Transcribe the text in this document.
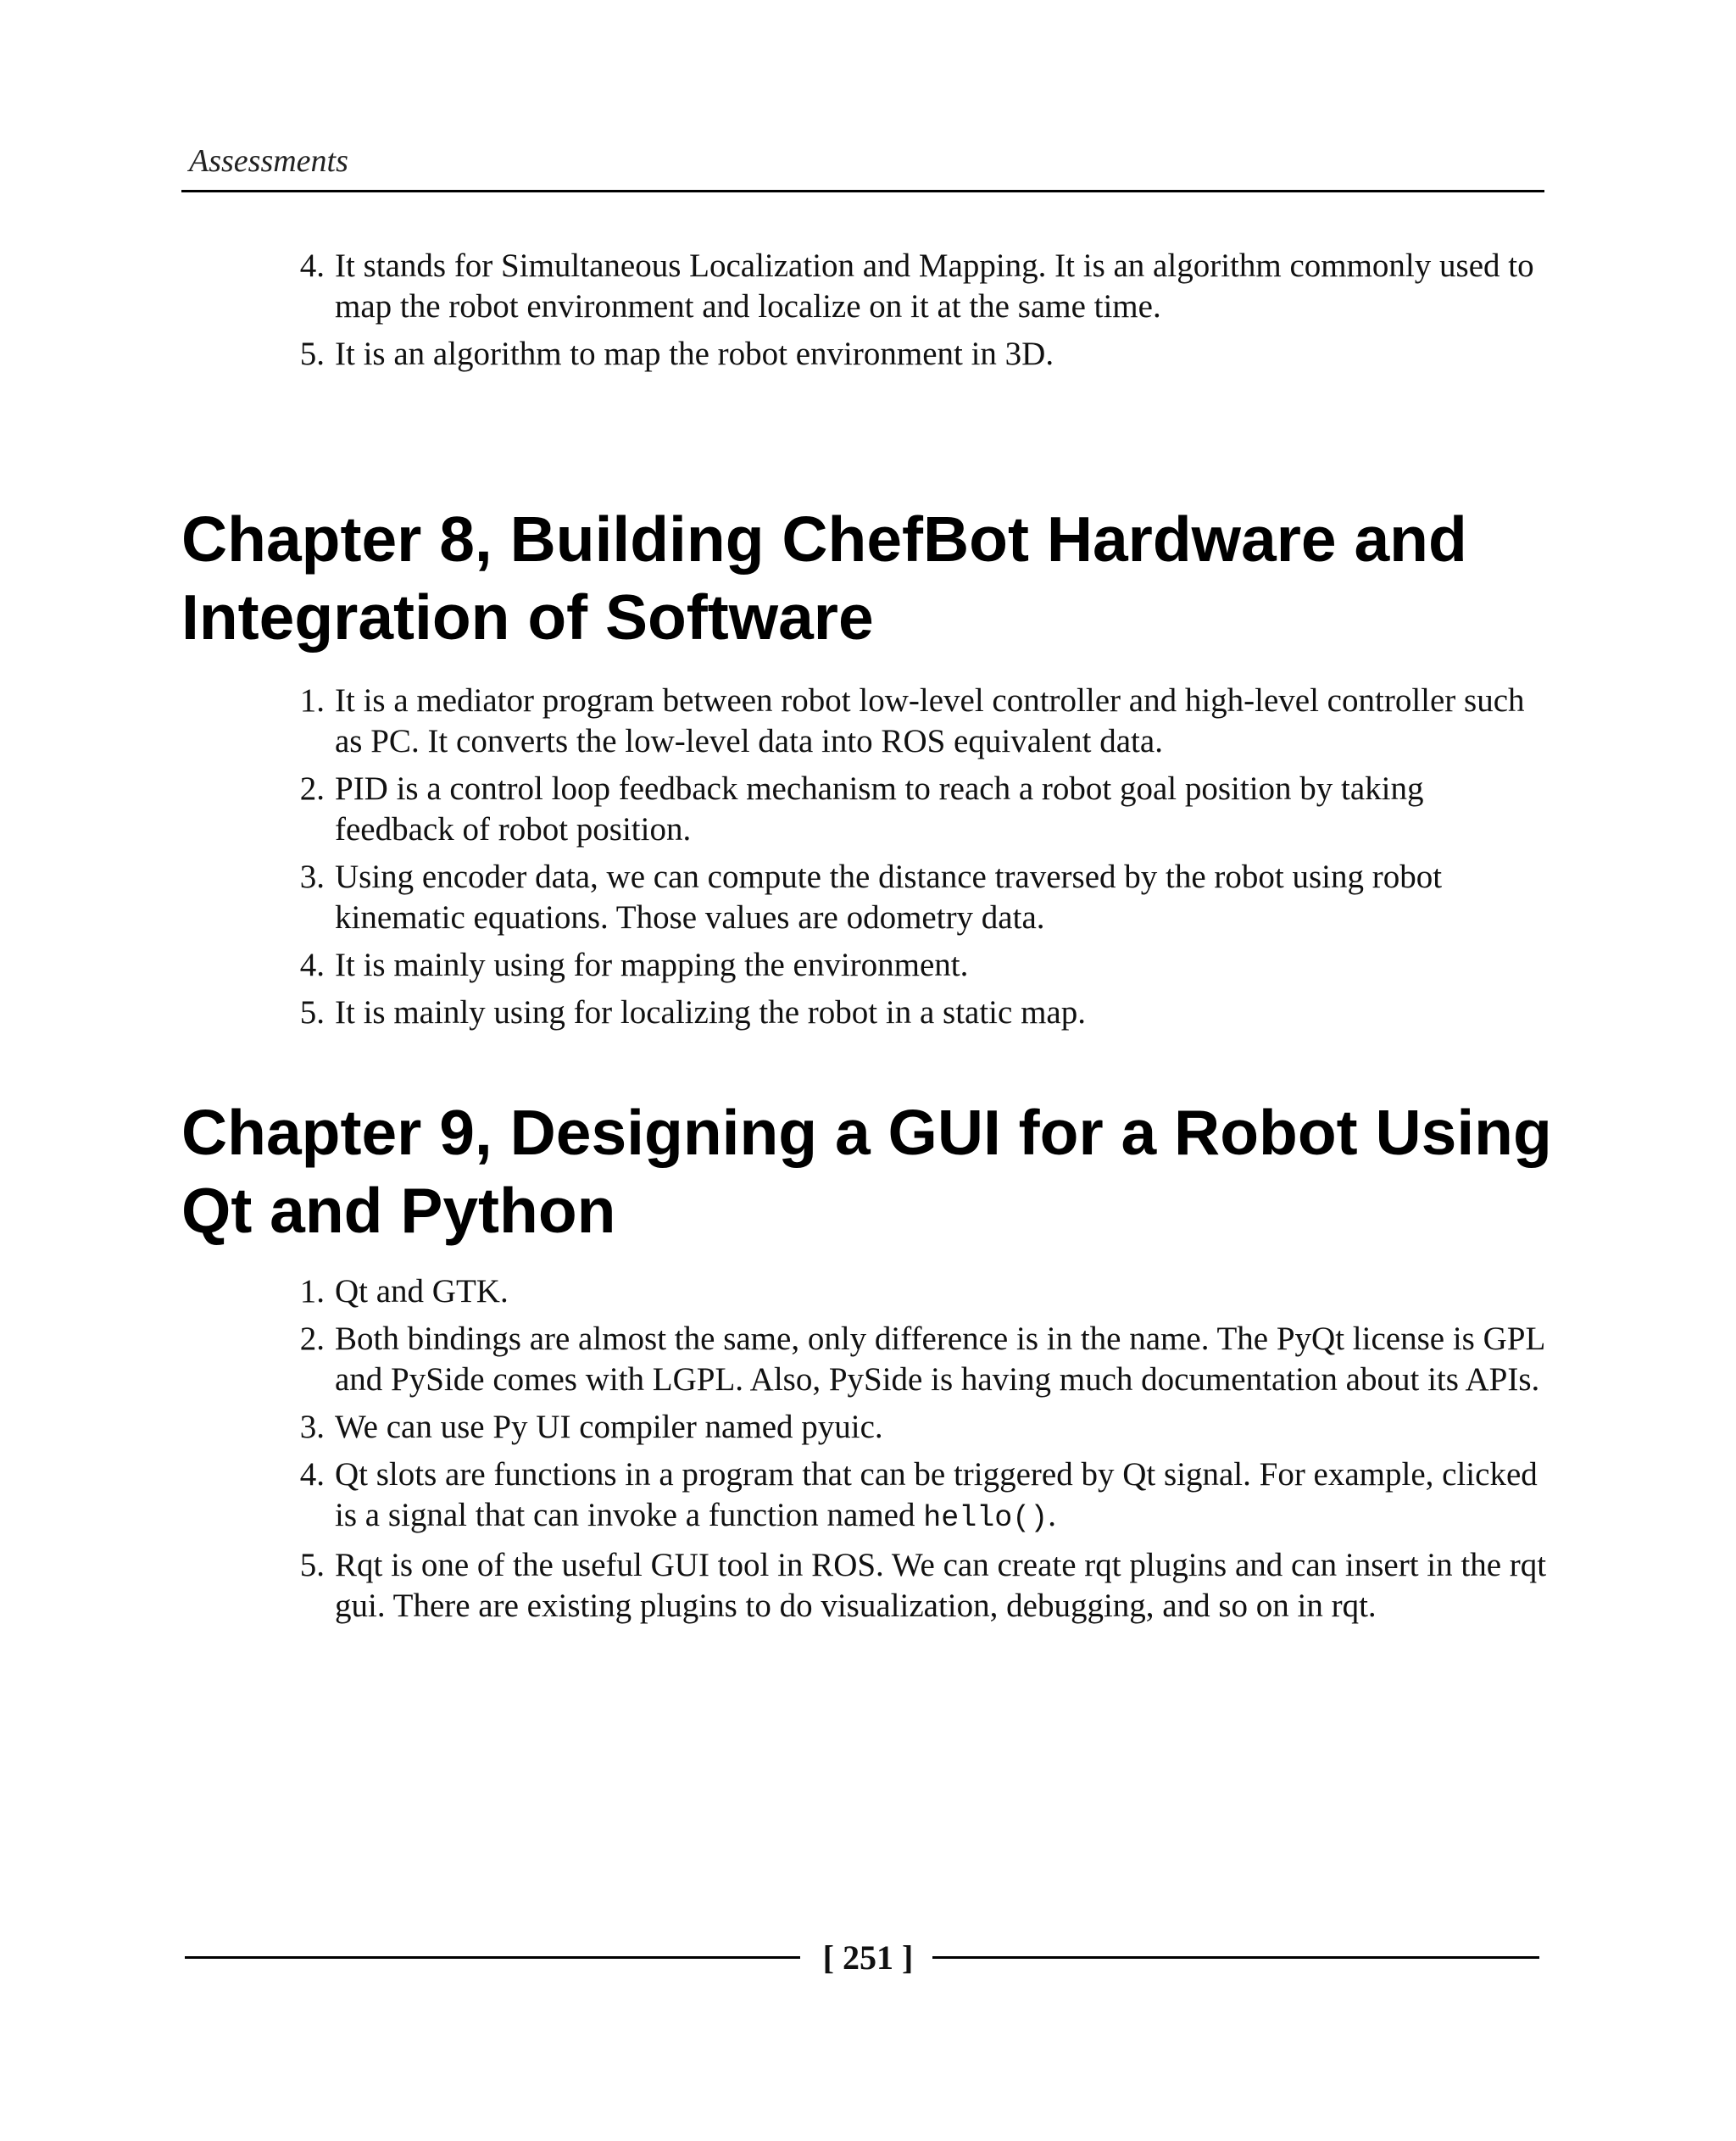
Assessments
4. It stands for Simultaneous Localization and Mapping. It is an algorithm commonly used to map the robot environment and localize on it at the same time.
5. It is an algorithm to map the robot environment in 3D.
Chapter 8, Building ChefBot Hardware and Integration of Software
1. It is a mediator program between robot low-level controller and high-level controller such as PC. It converts the low-level data into ROS equivalent data.
2. PID is a control loop feedback mechanism to reach a robot goal position by taking feedback of robot position.
3. Using encoder data, we can compute the distance traversed by the robot using robot kinematic equations. Those values are odometry data.
4. It is mainly using for mapping the environment.
5. It is mainly using for localizing the robot in a static map.
Chapter 9, Designing a GUI for a Robot Using Qt and Python
1. Qt and GTK.
2. Both bindings are almost the same, only difference is in the name. The PyQt license is GPL and PySide comes with LGPL. Also, PySide is having much documentation about its APIs.
3. We can use Py UI compiler named pyuic.
4. Qt slots are functions in a program that can be triggered by Qt signal. For example, clicked is a signal that can invoke a function named hello().
5. Rqt is one of the useful GUI tool in ROS. We can create rqt plugins and can insert in the rqt gui. There are existing plugins to do visualization, debugging, and so on in rqt.
[ 251 ]
